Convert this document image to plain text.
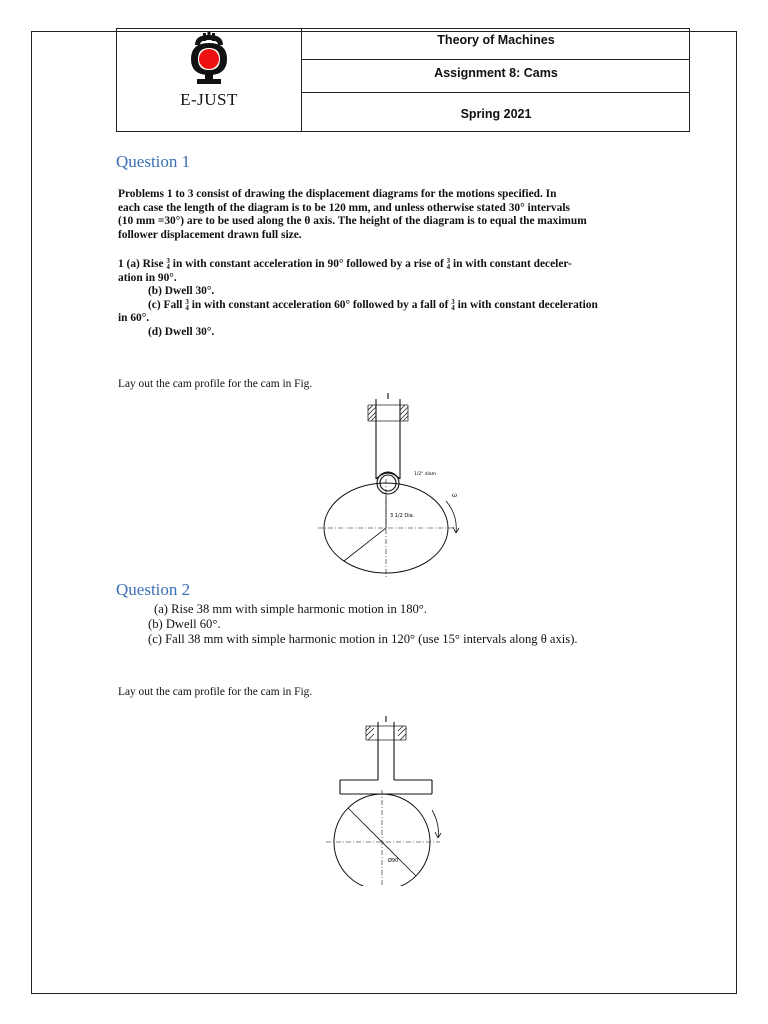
E-JUST
Theory of Machines
Assignment 8: Cams
Spring 2021
Question 1
Problems 1 to 3 consist of drawing the displacement diagrams for the motions specified. In
each case the length of the diagram is to be 120 mm, and unless otherwise stated 30° intervals
(10 mm =30°) are to be used along the θ axis. The height of the diagram is to equal the maximum
follower displacement drawn full size.
1 (a) Rise 3
4 in with constant acceleration in 90° followed by a rise of 3
4 in with constant deceler-
ation in 90°.
(b) Dwell 30°.
(c) Fall 3
4 in with constant acceleration 60° followed by a fall of 3
4 in with constant deceleration
in 60°.
(d) Dwell 30°.
Lay out the cam profile for the cam in Fig.
ω
1/2" diam
3 1/2 Dia.
Question 2
(a) Rise 38 mm with simple harmonic motion in 180°.
(b) Dwell 60°.
(c) Fall 38 mm with simple harmonic motion in 120° (use 15° intervals along θ axis).
Lay out the cam profile for the cam in Fig.
Ø90
